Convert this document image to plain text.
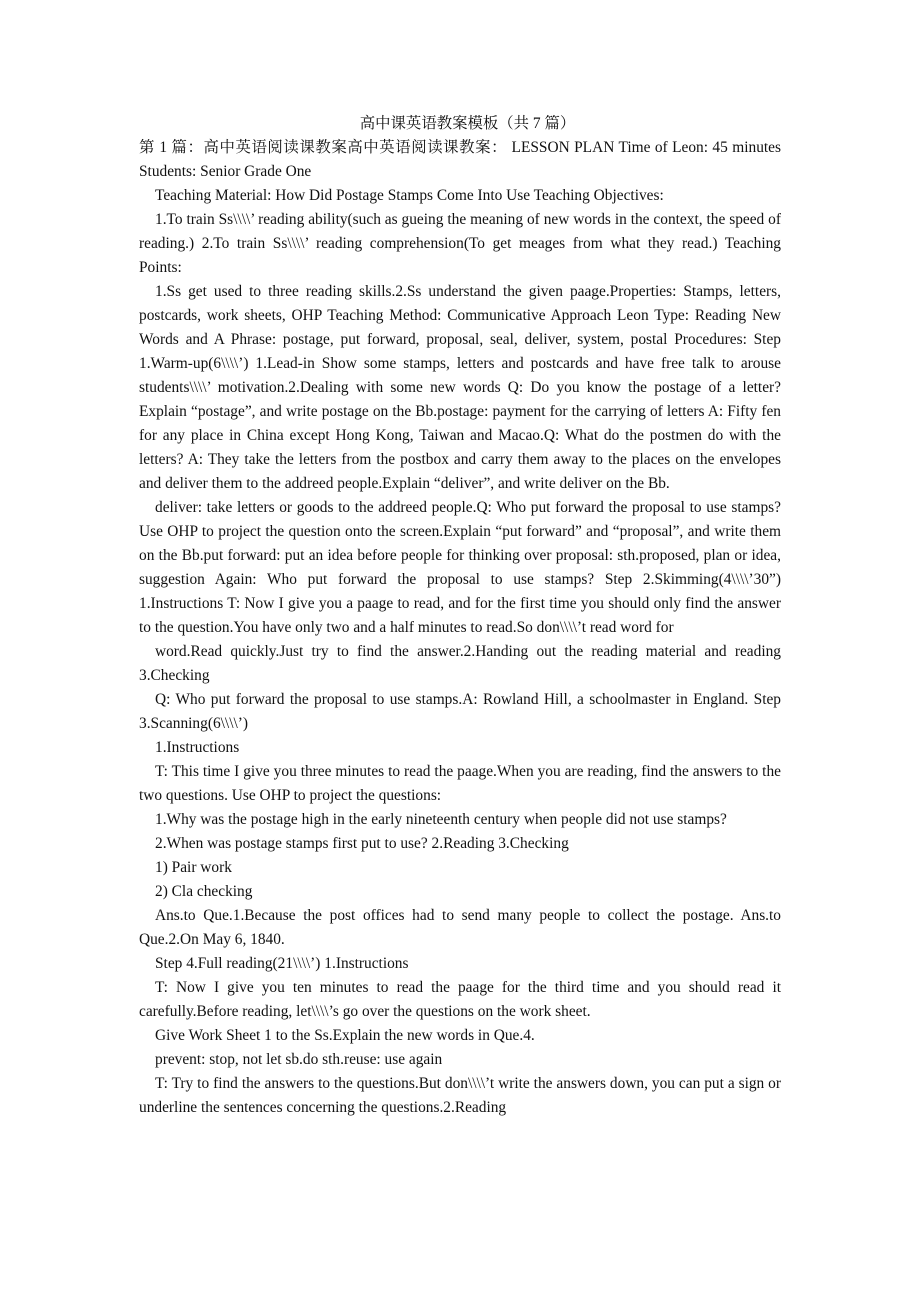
高中课英语教案模板（共 7 篇）

第 1 篇：高中英语阅读课教案高中英语阅读课教案： LESSON PLAN Time of Leon: 45 minutes Students: Senior Grade One

Teaching Material: How Did Postage Stamps Come Into Use Teaching Objectives:

1.To train Ss\\\\’ reading ability(such as gueing the meaning of new words in the context, the speed of reading.) 2.To train Ss\\\\’ reading comprehension(To get meages from what they read.) Teaching Points:

1.Ss get used to three reading skills.2.Ss understand the given paage.Properties: Stamps, letters, postcards, work sheets, OHP Teaching Method: Communicative Approach Leon Type: Reading New Words and A Phrase: postage, put forward, proposal, seal, deliver, system, postal Procedures: Step 1.Warm-up(6\\\\’) 1.Lead-in Show some stamps, letters and postcards and have free talk to arouse students\\\\’ motivation.2.Dealing with some new words Q: Do you know the postage of a letter? Explain “postage”, and write postage on the Bb.postage: payment for the carrying of letters A: Fifty fen for any place in China except Hong Kong, Taiwan and Macao.Q: What do the postmen do with the letters? A: They take the letters from the postbox and carry them away to the places on the envelopes and deliver them to the addreed people.Explain “deliver”, and write deliver on the Bb.

deliver: take letters or goods to the addreed people.Q: Who put forward the proposal to use stamps? Use OHP to project the question onto the screen.Explain “put forward” and “proposal”, and write them on the Bb.put forward: put an idea before people for thinking over proposal: sth.proposed, plan or idea, suggestion Again: Who put forward the proposal to use stamps? Step 2.Skimming(4\\\\’30”) 1.Instructions T: Now I give you a paage to read, and for the first time you should only find the answer to the question.You have only two and a half minutes to read.So don\\\\’t read word for

word.Read quickly.Just try to find the answer.2.Handing out the reading material and reading 3.Checking

Q: Who put forward the proposal to use stamps.A: Rowland Hill, a schoolmaster in England. Step 3.Scanning(6\\\\’)

1.Instructions

T: This time I give you three minutes to read the paage.When you are reading, find the answers to the two questions. Use OHP to project the questions:

1.Why was the postage high in the early nineteenth century when people did not use stamps?

2.When was postage stamps first put to use? 2.Reading 3.Checking

1) Pair work

2) Cla checking

Ans.to Que.1.Because the post offices had to send many people to collect the postage. Ans.to Que.2.On May 6, 1840.

Step 4.Full reading(21\\\\’) 1.Instructions

T: Now I give you ten minutes to read the paage for the third time and you should read it carefully.Before reading, let\\\\’s go over the questions on the work sheet.

Give Work Sheet 1 to the Ss.Explain the new words in Que.4.

prevent: stop, not let sb.do sth.reuse: use again

T: Try to find the answers to the questions.But don\\\\’t write the answers down, you can put a sign or underline the sentences concerning the questions.2.Reading
